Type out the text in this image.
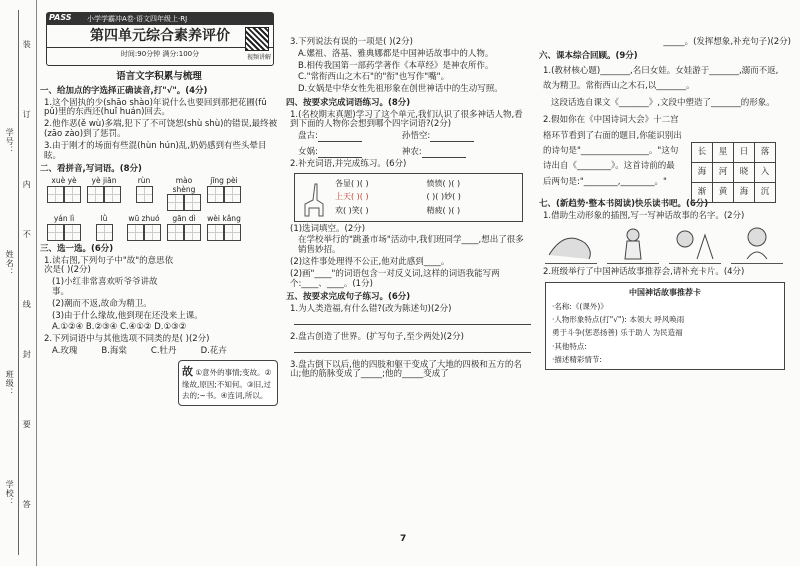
学号：
姓名：
班级：
学校：
装
订
内
不
线
封
要
答
小学学霸冲A卷·语文四年级上·RJ
PASS
第四单元综合素养评价
时间:90分钟 满分:100分	视频讲解
语言文字积累与梳理
一、给加点的字选择正确读音,打"√"。(4分)
1.这个固执的少(shāo shào)年说什么也要回到那把花圃(fǔ pǔ)里的东西还(huǐ huán)回去。
2.他作恶(ě wù)多端,犯下了不可饶恕(shù shù)的错误,最终被(zāo zào)到了惩罚。
3.由于刚才的场面有些混(hùn hún)乱,奶奶感到有些头晕目眩。
二、看拼音,写词语。(8分)
xuè yè	yè jiān	rùn	mào shèng
jīng pèi
yán lì	lǜ	wū zhuó	gān dì	wèi kǎng
三、选一选。(6分)
1.读右图,下列句子中"故"的意思依次是( )(2分)
(1)小红非常喜欢听爷爷讲故事。
(2)潮而不返,故命为精卫。
(3)由于什么缘故,他到现在还没来上课。
A.①②④ B.②③④ C.④①② D.①③②
2.下列词语中与其他选项不同类的是( )(2分)
A.玫瑰	B.海棠	C.牡丹	D.花卉
故 ①意外的事情;变故。②缘故,原因;不知何。③旧,过去的;~书。④连词,所以。
3.下列说法有误的一项是( )(2分)
A.嫘祖、洛基、雅典娜都是中国神话故事中的人物。
B.相传我国第一部药学著作《本草经》是神农所作。
C."常衔西山之木石"的"衔"也写作"嘴"。
D.女娲是中华女性先祖形象在创世神话中的生动写照。
四、按要求完成词语练习。(8分)
1.(名校期末真题)学习了这个单元,我们认识了很多神话人物,看到下面的人物你会想到哪个四字词语?(2分)
盘古:	孙悟空:
女娲:	神农:
2.补充词语,并完成练习。(6分)
各显( )( )	愤愤( )( )
上天( )( )	( )( )妙( )
欢( )笑( )	精疲( )( )
(1)选词填空。(2分)
在学校举行的"跳蚤市场"活动中,我们班同学____,想出了很多销售妙招。
(2)这件事处理得不公正,他对此感到____。
(2)画"____"的词语包含一对反义词,这样的词语我能写两个:____、____。(1分)
五、按要求完成句子练习。(6分)
1.为人类造福,有什么错?(改为陈述句)(2分)
2.盘古创造了世界。(扩写句子,至少两处)(2分)
3.盘古倒下以后,他的四肢和躯干变成了大地的四极和五方的名山;他的筋脉变成了_____;他的_____变成了
_____。(发挥想象,补充句子)(2分)
六、课本综合回顾。(9分)
1.(教材核心题)_______,名曰女娃。女娃游于_______,溺而不返,故为精卫。常衔西山之木石,以_______。
这段话选自课文《_______》,文段中塑造了_______的形象。
2.假如你在《中国诗词大会》十二宫格环节看到了右面的题目,你能识别出的诗句是"________________。"这句诗出自《________》。这首诗前的最后两句是:"________,________。"
七、(新趋势·整本书阅读)快乐读书吧。(6分)
1.借助生动形象的插图,写一写神话故事的名字。(2分)
2.班级举行了中国神话故事推荐会,请补充卡片。(4分)
中国神话故事推荐卡
·名称:《(课外)》
·人物形象特点(打"√"): 本领大 呼风唤雨
勇于斗争(惩恶扬善) 乐于助人 为民造福
·其他特点:
·描述精彩情节:
长	星	日	落
海	河	晓	入
渐	黄	海	沉
7
